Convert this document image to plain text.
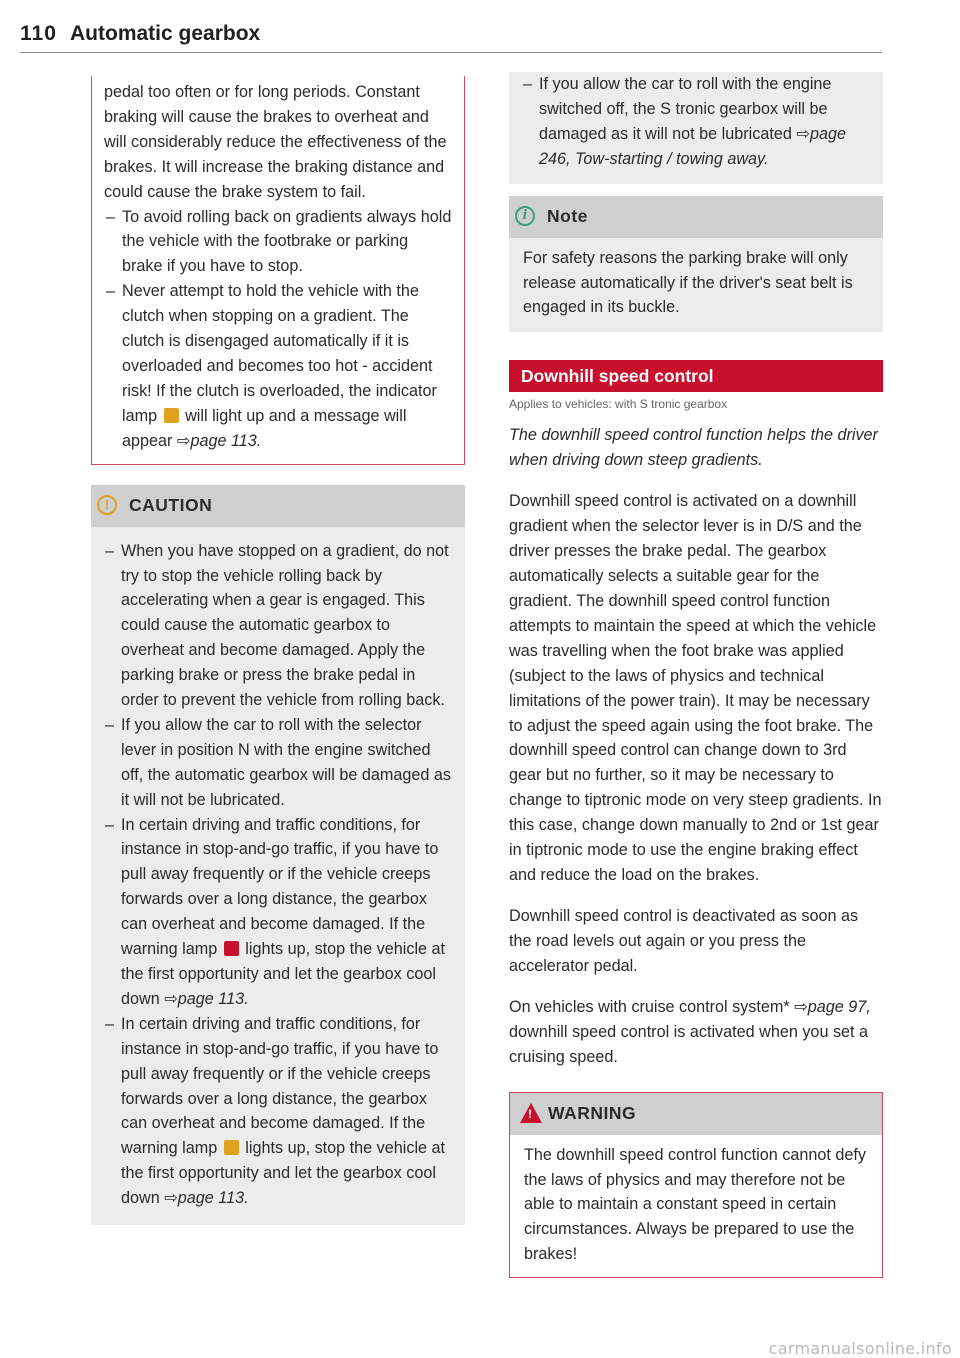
110 Automatic gearbox

pedal too often or for long periods. Constant braking will cause the brakes to overheat and will considerably reduce the effectiveness of the brakes. It will increase the braking distance and could cause the brake system to fail.

– To avoid rolling back on gradients always hold the vehicle with the footbrake or parking brake if you have to stop.
– Never attempt to hold the vehicle with the clutch when stopping on a gradient. The clutch is disengaged automatically if it is overloaded and becomes too hot - accident risk! If the clutch is overloaded, the indicator lamp will light up and a message will appear ⇨page 113.
!	CAUTION
– When you have stopped on a gradient, do not try to stop the vehicle rolling back by accelerating when a gear is engaged. This could cause the automatic gearbox to overheat and become damaged. Apply the parking brake or press the brake pedal in order to prevent the vehicle from rolling back.
– If you allow the car to roll with the selector lever in position N with the engine switched off, the automatic gearbox will be damaged as it will not be lubricated.
– In certain driving and traffic conditions, for instance in stop-and-go traffic, if you have to pull away frequently or if the vehicle creeps forwards over a long distance, the gearbox can overheat and become damaged. If the warning lamp lights up, stop the vehicle at the first opportunity and let the gearbox cool down ⇨page 113.
– In certain driving and traffic conditions, for instance in stop-and-go traffic, if you have to pull away frequently or if the vehicle creeps forwards over a long distance, the gearbox can overheat and become damaged. If the warning lamp lights up, stop the vehicle at the first opportunity and let the gearbox cool down ⇨page 113.
– If you allow the car to roll with the engine switched off, the S tronic gearbox will be damaged as it will not be lubricated ⇨page 246, Tow-starting / towing away.
i	Note

For safety reasons the parking brake will only release automatically if the driver's seat belt is engaged in its buckle.

Downhill speed control
Applies to vehicles: with S tronic gearbox

The downhill speed control function helps the driver when driving down steep gradients.

Downhill speed control is activated on a downhill gradient when the selector lever is in D/S and the driver presses the brake pedal. The gearbox automatically selects a suitable gear for the gradient. The downhill speed control function attempts to maintain the speed at which the vehicle was travelling when the foot brake was applied (subject to the laws of physics and technical limitations of the power train). It may be necessary to adjust the speed again using the foot brake. The downhill speed control can change down to 3rd gear but no further, so it may be necessary to change to tiptronic mode on very steep gradients. In this case, change down manually to 2nd or 1st gear in tiptronic mode to use the engine braking effect and reduce the load on the brakes.

Downhill speed control is deactivated as soon as the road levels out again or you press the accelerator pedal.

On vehicles with cruise control system* ⇨page 97, downhill speed control is activated when you set a cruising speed.

!
WARNING

The downhill speed control function cannot defy the laws of physics and may therefore not be able to maintain a constant speed in certain circumstances. Always be prepared to use the brakes!

carmanualsonline.info
